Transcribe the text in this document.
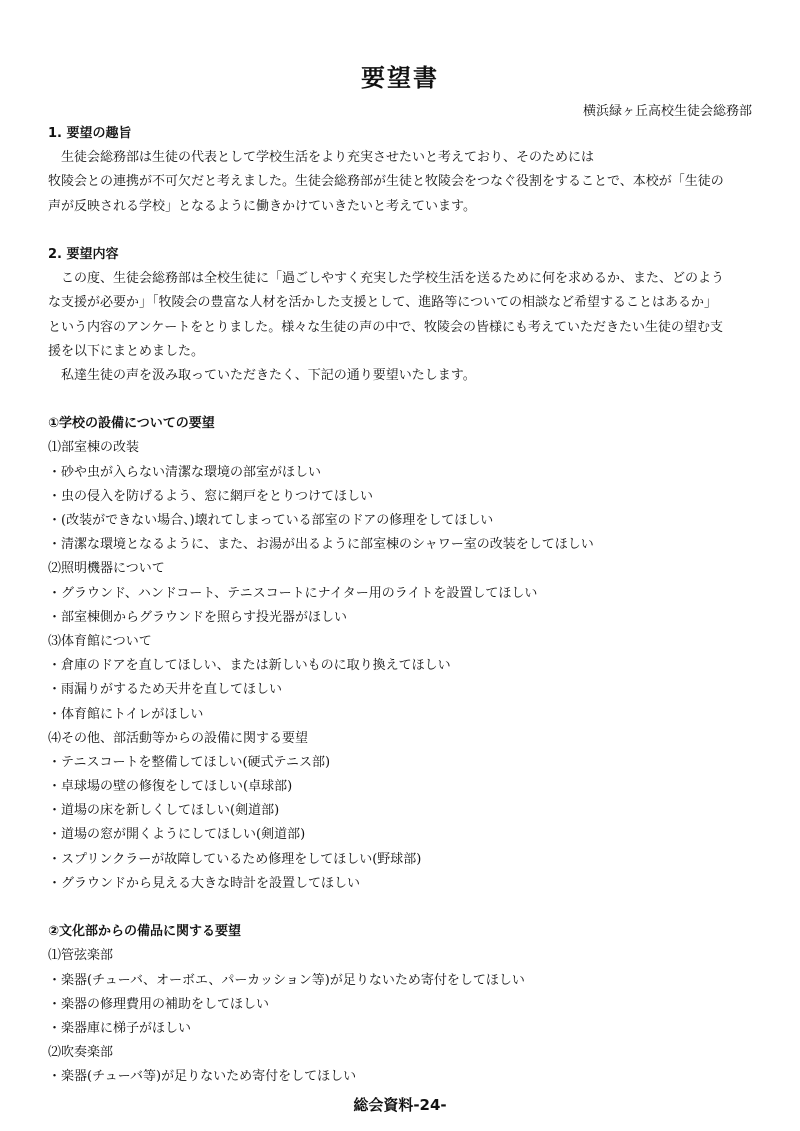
要望書
横浜緑ヶ丘高校生徒会総務部
1. 要望の趣旨
生徒会総務部は生徒の代表として学校生活をより充実させたいと考えており、そのためには
牧陵会との連携が不可欠だと考えました。生徒会総務部が生徒と牧陵会をつなぐ役割をすることで、本校が「生徒の
声が反映される学校」となるように働きかけていきたいと考えています。
2. 要望内容
この度、生徒会総務部は全校生徒に「過ごしやすく充実した学校生活を送るために何を求めるか、また、どのよう
な支援が必要か」「牧陵会の豊富な人材を活かした支援として、進路等についての相談など希望することはあるか」
という内容のアンケートをとりました。様々な生徒の声の中で、牧陵会の皆様にも考えていただきたい生徒の望む支
援を以下にまとめました。
私達生徒の声を汲み取っていただきたく、下記の通り要望いたします。
①学校の設備についての要望
⑴部室棟の改装
・砂や虫が入らない清潔な環境の部室がほしい
・虫の侵入を防げるよう、窓に網戸をとりつけてほしい
・(改装ができない場合、)壊れてしまっている部室のドアの修理をしてほしい
・清潔な環境となるように、また、お湯が出るように部室棟のシャワー室の改装をしてほしい
⑵照明機器について
・グラウンド、ハンドコート、テニスコートにナイター用のライトを設置してほしい
・部室棟側からグラウンドを照らす投光器がほしい
⑶体育館について
・倉庫のドアを直してほしい、または新しいものに取り換えてほしい
・雨漏りがするため天井を直してほしい
・体育館にトイレがほしい
⑷その他、部活動等からの設備に関する要望
・テニスコートを整備してほしい(硬式テニス部)
・卓球場の壁の修復をしてほしい(卓球部)
・道場の床を新しくしてほしい(剣道部)
・道場の窓が開くようにしてほしい(剣道部)
・スプリンクラーが故障しているため修理をしてほしい(野球部)
・グラウンドから見える大きな時計を設置してほしい
②文化部からの備品に関する要望
⑴管弦楽部
・楽器(チューバ、オーボエ、パーカッション等)が足りないため寄付をしてほしい
・楽器の修理費用の補助をしてほしい
・楽器庫に梯子がほしい
⑵吹奏楽部
・楽器(チューバ等)が足りないため寄付をしてほしい
総会資料-24-
